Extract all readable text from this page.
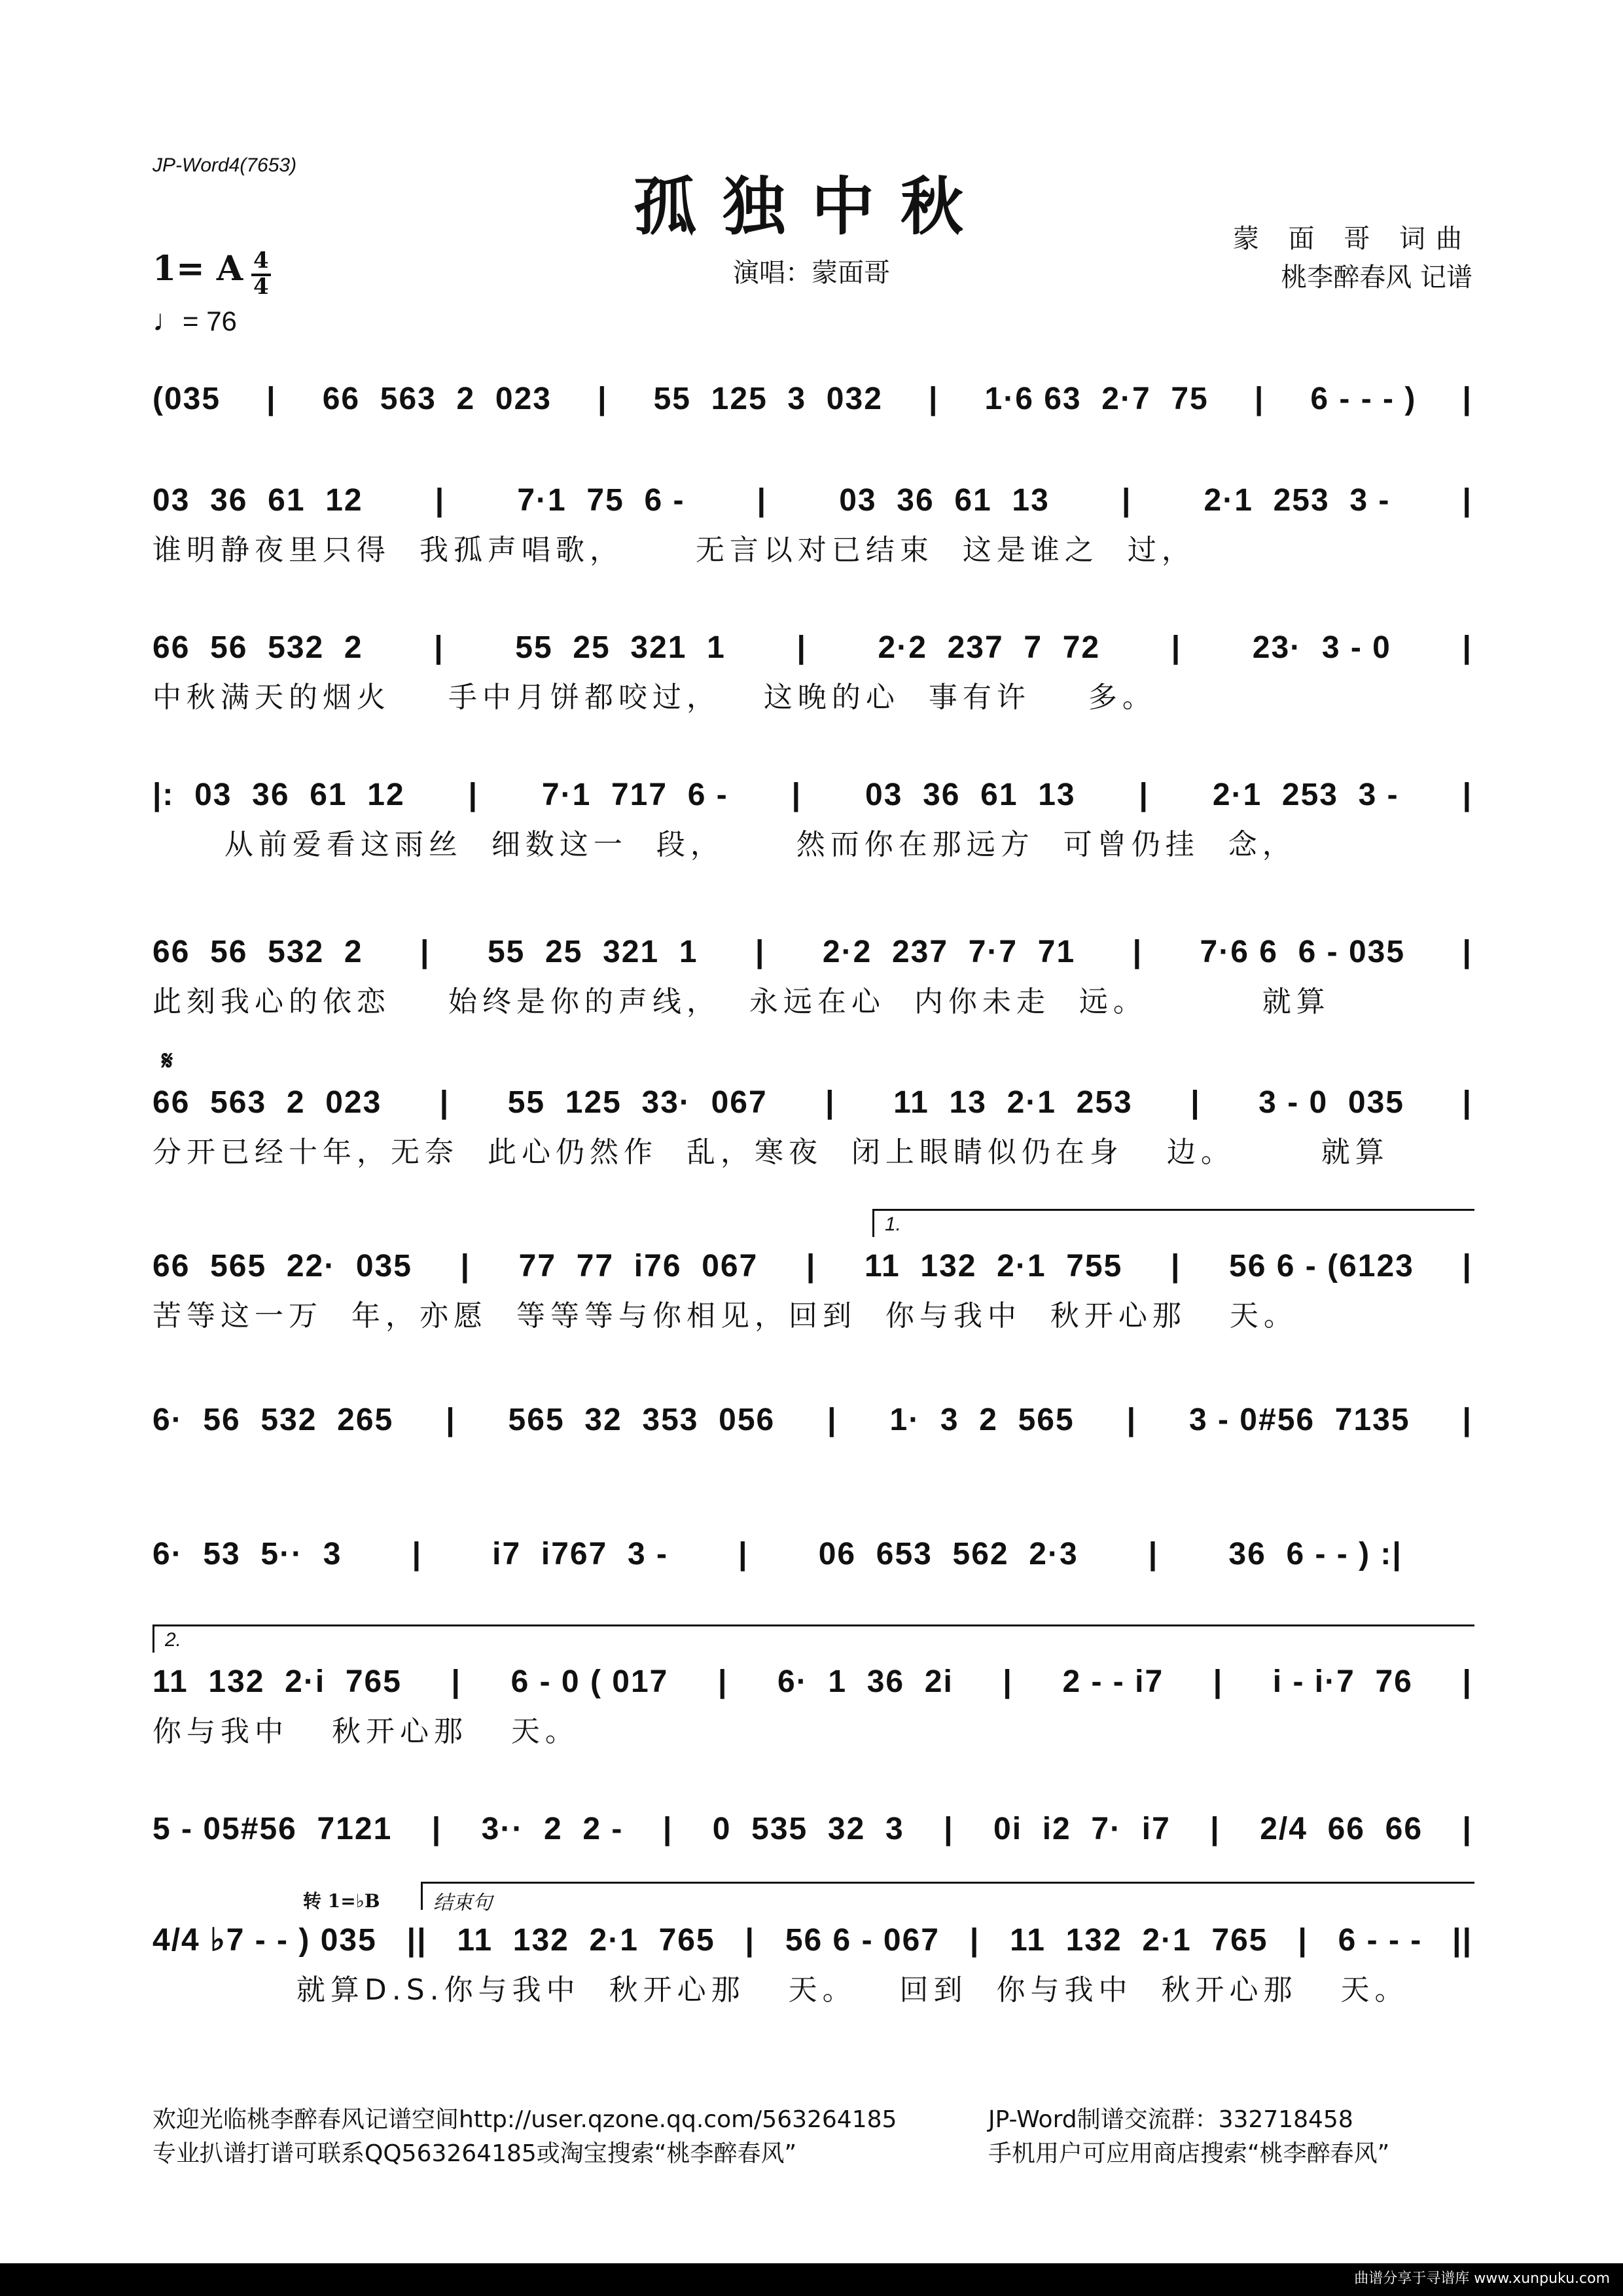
JP-Word4(7653)
孤独中秋
演唱：蒙面哥
蒙 面 哥 词曲
桃李醉春风 记谱
1= A 4
4
♩= 76
(035 | 66  563  2  023 | 55  125  3  032 | 1·6 63  2·7  75 | 6 - - - ) |
03  36  61  12 | 7·1  75  6 - | 03  36  61  13 | 2·1  253  3 - |
谁明静夜里只得  我孤声唱歌，     无言以对已结束  这是谁之  过，
66  56  532  2 | 55  25  321  1 | 2·2  237  7  72 | 23·  3 - 0 |
中秋满天的烟火    手中月饼都咬过，   这晚的心  事有许    多。
|:  03  36  61  12 | 7·1  717  6 - | 03  36  61  13 | 2·1  253  3 - |
从前爱看这雨丝  细数这一  段，     然而你在那远方  可曾仍挂  念，
66  56  532  2 | 55  25  321  1 | 2·2  237  7·7  71 | 7·6 6  6 - 035 |
此刻我心的依恋    始终是你的声线，  永远在心  内你未走  远。        就算
𝄋
66  563  2  023 | 55  125  33·  067 | 11  13  2·1  253 | 3 - 0  035 |
分开已经十年，无奈  此心仍然作  乱，寒夜  闭上眼睛似仍在身   边。      就算
1.
66  565  22·  035 | 77  77  i76  067 | 11  132  2·1  755 | 56 6 - (6123 |
苦等这一万  年，亦愿  等等等与你相见，回到  你与我中  秋开心那   天。
6·  56  532  265 | 565  32  353  056 | 1·  3  2  565 | 3 - 0#56  7135 |
6·  53  5··  3 | i7  i767  3 - | 06  653  562  2·3 | 36  6 - - ) :|
2.
11  132  2·i  765 | 6 - 0 ( 017 | 6·  1  36  2i | 2 - - i7 | i - i·7  76 |
你与我中   秋开心那   天。
5 - 05#56  7121 | 3··  2  2 - | 0  535  32  3 | 0i  i2  7·  i7 | 2/4  66  66 |
转 1=♭B	结束句
4/4 ♭7 - - ) 035 || 11  132  2·1  765 | 56 6 - 067 | 11  132  2·1  765 | 6 - - - ||
就算D.S.你与我中  秋开心那   天。   回到  你与我中  秋开心那   天。
欢迎光临桃李醉春风记谱空间http://user.qzone.qq.com/563264185	JP-Word制谱交流群：332718458
专业扒谱打谱可联系QQ563264185或淘宝搜索“桃李醉春风”	手机用户可应用商店搜索“桃李醉春风”
曲谱分享于寻谱库 www.xunpuku.com
